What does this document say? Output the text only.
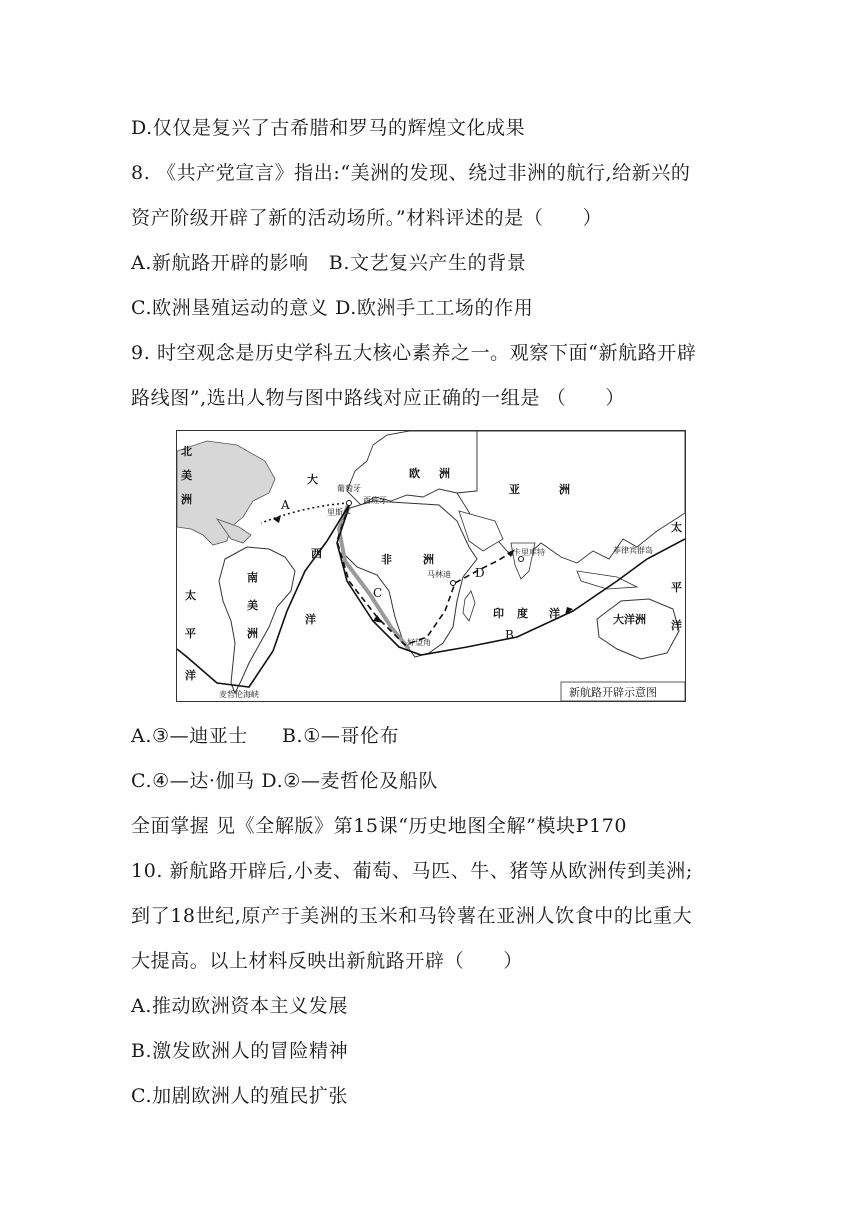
D.仅仅是复兴了古希腊和罗马的辉煌文化成果
8. 《共产党宣言》指出:“美洲的发现、绕过非洲的航行,给新兴的
资产阶级开辟了新的活动场所。”材料评述的是（　　）
A.新航路开辟的影响 B.文艺复兴产生的背景
C.欧洲垦殖运动的意义 D.欧洲手工工场的作用
9. 时空观念是历史学科五大核心素养之一。观察下面“新航路开辟
路线图”,选出人物与图中路线对应正确的一组是 （　　）
北
美
洲
大
西
洋
欧 洲
亚	洲
非	洲
南
美
洲
太
平
洋
太
平
洋
印 度 洋	大洋洲
葡萄牙
西班牙
里斯本
卡里库特	菲律宾群岛
马林迪
好望角
麦哲伦海峡
A
B
C
D
新航路开辟示意图
A.③—迪亚士 B.①—哥伦布
C.④—达·伽马 D.②—麦哲伦及船队
全面掌握 见《全解版》第15课“历史地图全解”模块P170
10. 新航路开辟后,小麦、葡萄、马匹、牛、猪等从欧洲传到美洲;
到了18世纪,原产于美洲的玉米和马铃薯在亚洲人饮食中的比重大
大提高。以上材料反映出新航路开辟（　　）
A.推动欧洲资本主义发展
B.激发欧洲人的冒险精神
C.加剧欧洲人的殖民扩张
